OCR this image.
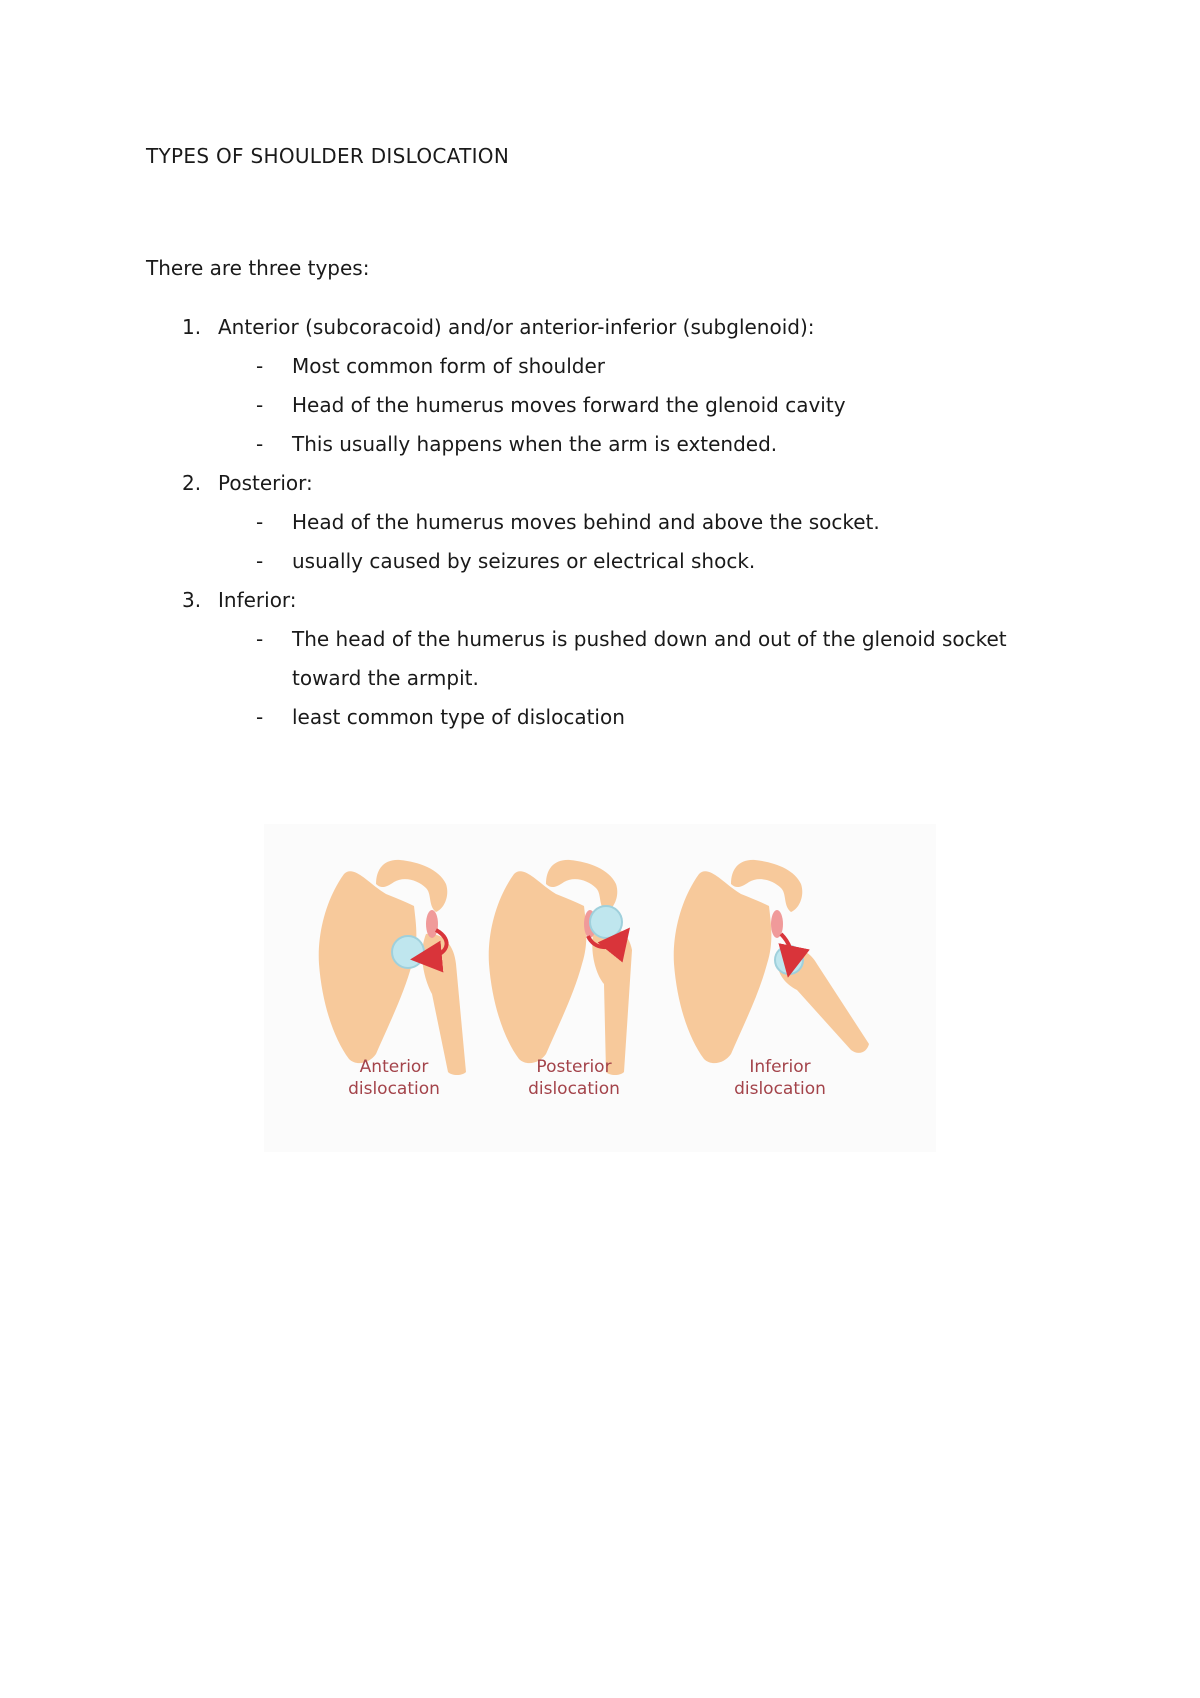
TYPES OF SHOULDER DISLOCATION
There are three types:
1. Anterior (subcoracoid) and/or anterior-inferior (subglenoid):
- Most common form of shoulder
- Head of the humerus moves forward the glenoid cavity
- This usually happens when the arm is extended.
2. Posterior:
- Head of the humerus moves behind and above the socket.
- usually caused by seizures or electrical shock.
3. Inferior:
- The head of the humerus is pushed down and out of the glenoid socket toward the armpit.
- least common type of dislocation
Anterior
dislocation
Posterior
dislocation
Inferior
dislocation
